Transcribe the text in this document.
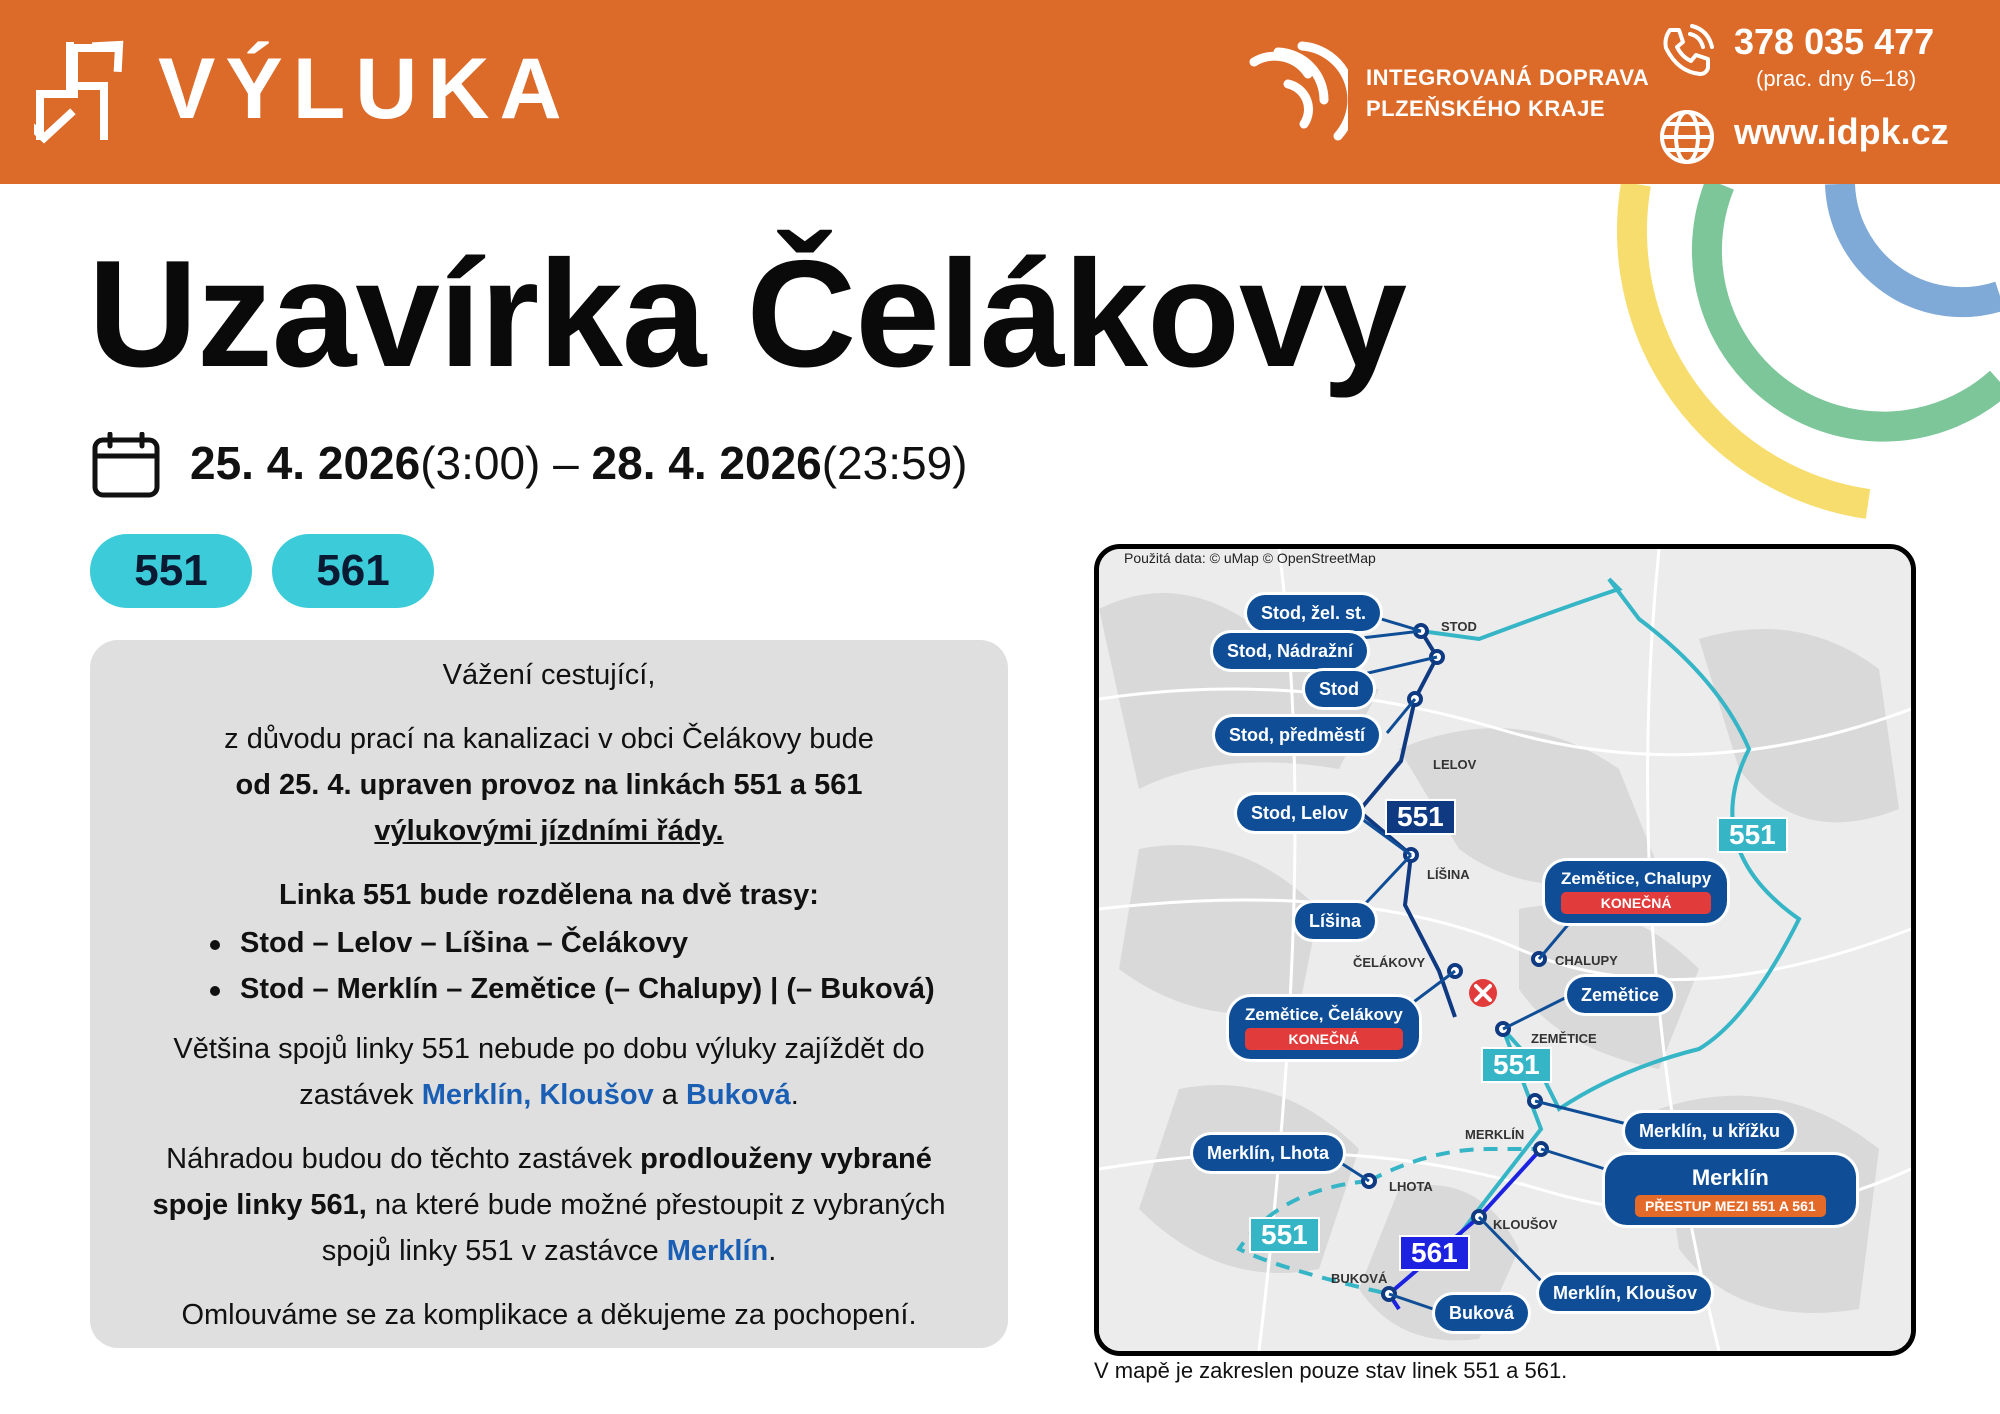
VÝLUKA	INTEGROVANÁ DOPRAVA
PLZEŇSKÉHO KRAJE
378 035 477
(prac. dny 6–18)
www.idpk.cz
Uzavírka Čelákovy
25. 4. 2026(3:00) – 28. 4. 2026(23:59)
551	561
Vážení cestující,
z důvodu prací na kanalizaci v obci Čelákovy bude
od 25. 4. upraven provoz na linkách 551 a 561
výlukovými jízdními řády.
Linka 551 bude rozdělena na dvě trasy:
Stod – Lelov – Líšina – Čelákovy
Stod – Merklín – Zemětice (– Chalupy) | (– Buková)
Většina spojů linky 551 nebude po dobu výluky zajíždět do
zastávek Merklín, Kloušov a Buková.
Náhradou budou do těchto zastávek prodlouženy vybrané
spoje linky 561, na které bude možné přestoupit z vybraných
spojů linky 551 v zastávce Merklín.
Omlouváme se za komplikace a děkujeme za pochopení.
STOD
LELOV
LÍŠINA
ČELÁKOVY	CHALUPY
ZEMĚTICE
MERKLÍN
LHOTA
KLOUŠOV
BUKOVÁ
Stod, žel. st.
Stod, Nádražní
Stod
Stod, předměstí
Stod, Lelov
Líšina
Zemětice, Chalupy
KONEČNÁ
Zemětice, Čelákovy
KONEČNÁ
Zemětice
Merklín, u křížku
Merklín, Lhota
Merklín
PŘESTUP MEZI 551 A 561
Merklín, Kloušov
Buková
551
551
551
551
561
Použitá data: © uMap © OpenStreetMap
V mapě je zakreslen pouze stav linek 551 a 561.
